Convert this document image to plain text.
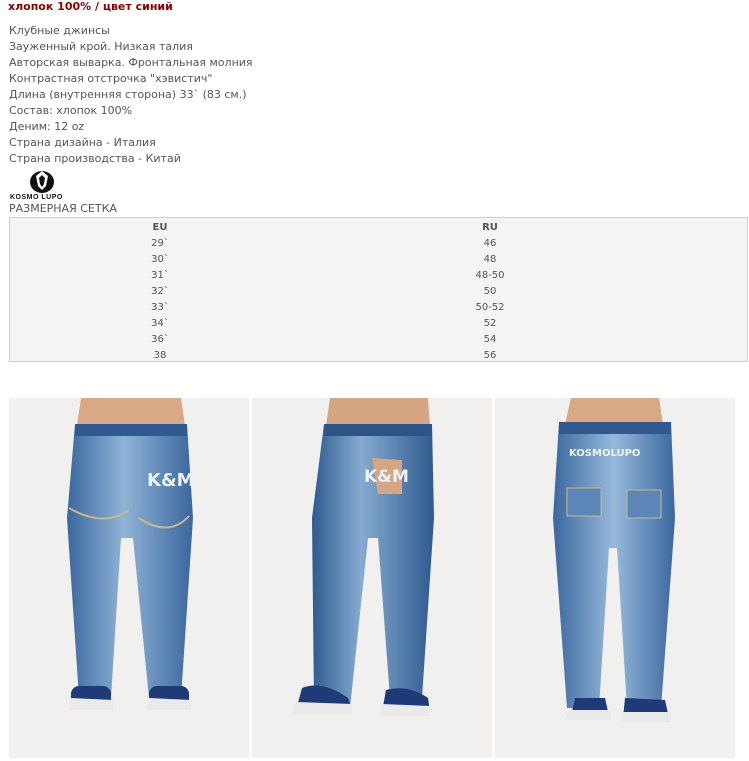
хлопок 100% / цвет синий
Клубные джинсы
Зауженный крой. Низкая талия
Авторская выварка. Фронтальная молния
Контрастная отстрочка "хэвистич"
Длина (внутренняя сторона) 33` (83 см.)
Состав: хлопок 100%
Деним: 12 oz
Страна дизайна - Италия
Страна производства - Китай
KOSMO LUPO
РАЗМЕРНАЯ СЕТКА
EU	RU
29`	46
30`	48
31`	48-50
32`	50
33`	50-52
34`	52
36`	54
38	56
K&M	K&M
KOSMOLUPO
